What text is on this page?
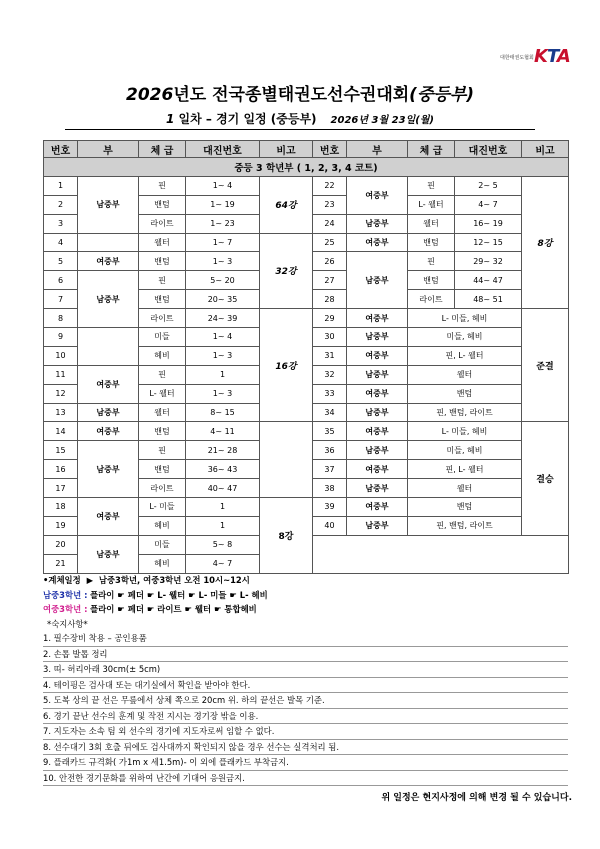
대한태권도협회 KTA
2026년도 전국종별태권도선수권대회(중등부)
1 일차 – 경기 일정 (중등부) 2026년 3월 23일(월)
번호	부	체 급	대진번호	비고	번호	부	체 급	대진번호	비고
중등 3 학년부 ( 1, 2, 3, 4 코트)									
1	남중부	핀	1~ 4	64강	22	여중부	핀	2~ 5	8강
2		밴텀	1~ 19		23		L- 웰터	4~ 7	
3		라이트	1~ 23		24	남중부	웰터	16~ 19	
4		웰터	1~ 7	32강	25	여중부	밴텀	12~ 15	
5	여중부	밴텀	1~ 3		26	남중부	핀	29~ 32	
6	남중부	핀	5~ 20		27		밴텀	44~ 47	
7		밴텀	20~ 35		28		라이트	48~ 51	
8		라이트	24~ 39	16강	29	여중부	L- 미들, 헤비		준결
9		미들	1~ 4		30	남중부	미들, 헤비		
10		헤비	1~ 3		31	여중부	핀, L- 웰터		
11	여중부	핀	1		32	남중부	웰터		
12		L- 웰터	1~ 3		33	여중부	밴텀		
13	남중부	웰터	8~ 15		34	남중부	핀, 밴텀, 라이트		
14	여중부	밴텀	4~ 11		35	여중부	L- 미들, 헤비		결승
15	남중부	핀	21~ 28		36	남중부	미들, 헤비		
16		밴텀	36~ 43		37	여중부	핀, L- 웰터		
17		라이트	40~ 47		38	남중부	웰터		
18	여중부	L- 미들	1	8강	39	여중부	밴텀		
19		헤비	1		40	남중부	핀, 밴텀, 라이트		
20	남중부	미들	5~ 8						
21		헤비	4~ 7						
•계체일정 ▶ 남중3학년, 여중3학년 오전 10시~12시
남중3학년 : 플라이 ☛ 페더 ☛ L- 웰터 ☛ L- 미들 ☛ L- 헤비
여중3학년 : 플라이 ☛ 페더 ☛ 라이트 ☛ 웰터 ☛ 통합헤비
*숙지사항*
1. 필수장비 착용 – 공인용품
2. 손톱 발톱 정리
3. 띠- 허리아래 30cm(± 5cm)
4. 테이핑은 검사대 또는 대기실에서 확인을 받아야 한다.
5. 도복 상의 끝 선은 무릎에서 상체 쪽으로 20cm 위. 하의 끝선은 발목 기준.
6. 경기 끝난 선수의 훈계 및 작전 지시는 경기장 밖을 이용.
7. 지도자는 소속 팀 외 선수의 경기에 지도자로써 임할 수 없다.
8. 선수대기 3회 호출 뒤에도 검사대까지 확인되지 않을 경우 선수는 실격처리 됨.
9. 플래카드 규격화( 가1m x 세1.5m)- 이 외에 플래카드 부착금지.
10. 안전한 경기문화를 위하여 난간에 기대어 응원금지.
위 일정은 현지사정에 의해 변경 될 수 있습니다.
